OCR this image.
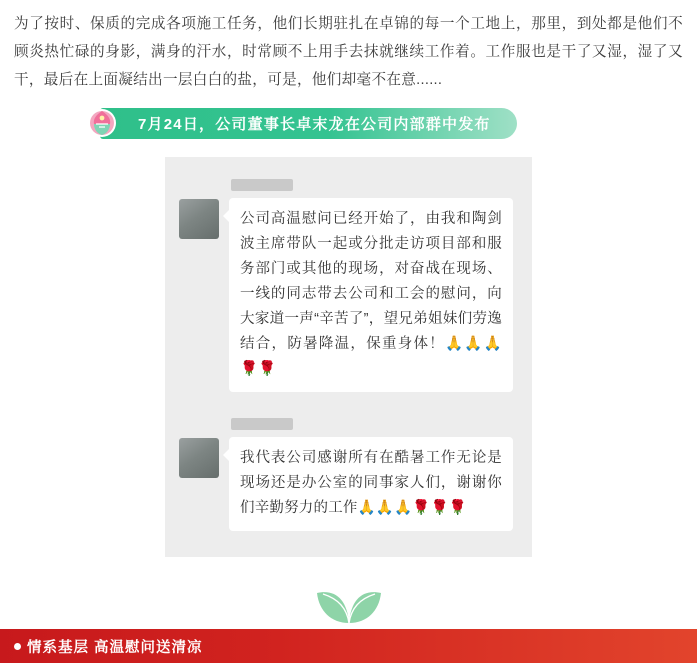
为了按时、保质的完成各项施工任务，他们长期驻扎在卓锦的每一个工地上，那里，到处都是他们不顾炎热忙碌的身影，满身的汗水，时常顾不上用手去抹就继续工作着。工作服也是干了又湿，湿了又干，最后在上面凝结出一层白白的盐，可是，他们却毫不在意......
7月24日，公司董事长卓末龙在公司内部群中发布
公司高温慰问已经开始了，由我和陶剑波主席带队一起或分批走访项目部和服务部门或其他的现场，对奋战在现场、一线的同志带去公司和工会的慰问，向大家道一声“辛苦了”，望兄弟姐妹们劳逸结合，防暑降温，保重身体！🙏🙏🙏🌹🌹
我代表公司感谢所有在酷暑工作无论是现场还是办公室的同事家人们，谢谢你们辛勤努力的工作🙏🙏🙏🌹🌹🌹
情系基层 高温慰问送清凉
